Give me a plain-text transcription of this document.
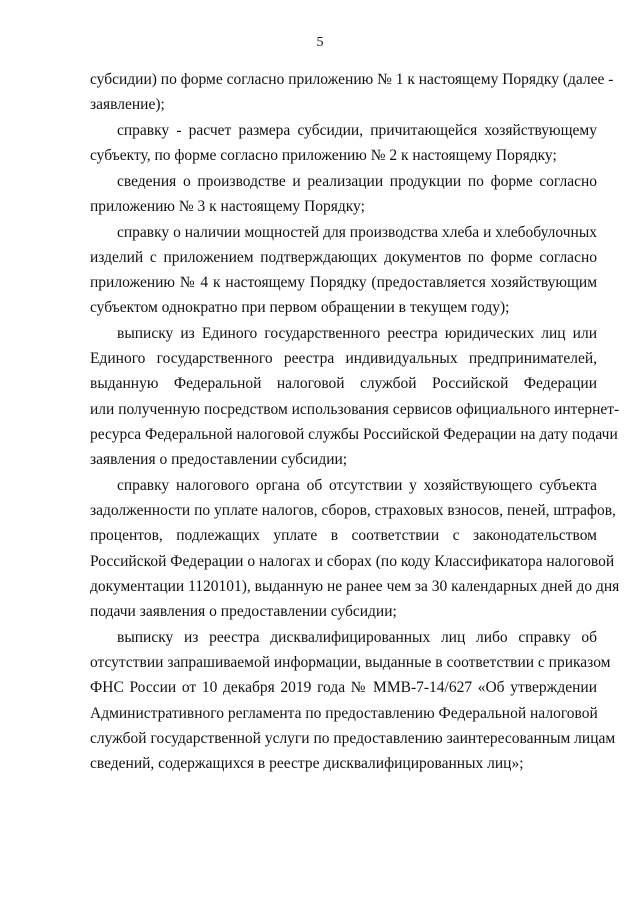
5
субсидии) по форме согласно приложению № 1 к настоящему Порядку (далее -
заявление);
справку - расчет размера субсидии, причитающейся хозяйствующему
субъекту, по форме согласно приложению № 2 к настоящему Порядку;
сведения о производстве и реализации продукции по форме согласно
приложению № 3 к настоящему Порядку;
справку о наличии мощностей для производства хлеба и хлебобулочных
изделий с приложением подтверждающих документов по форме согласно
приложению № 4 к настоящему Порядку (предоставляется хозяйствующим
субъектом однократно при первом обращении в текущем году);
выписку из Единого государственного реестра юридических лиц или
Единого государственного реестра индивидуальных предпринимателей,
выданную Федеральной налоговой службой Российской Федерации
или полученную посредством использования сервисов официального интернет-
ресурса Федеральной налоговой службы Российской Федерации на дату подачи
заявления о предоставлении субсидии;
справку налогового органа об отсутствии у хозяйствующего субъекта
задолженности по уплате налогов, сборов, страховых взносов, пеней, штрафов,
процентов, подлежащих уплате в соответствии с законодательством
Российской Федерации о налогах и сборах (по коду Классификатора налоговой
документации 1120101), выданную не ранее чем за 30 календарных дней до дня
подачи заявления о предоставлении субсидии;
выписку из реестра дисквалифицированных лиц либо справку об
отсутствии запрашиваемой информации, выданные в соответствии с приказом
ФНС России от 10 декабря 2019 года № ММВ-7-14/627 «Об утверждении
Административного регламента по предоставлению Федеральной налоговой
службой государственной услуги по предоставлению заинтересованным лицам
сведений, содержащихся в реестре дисквалифицированных лиц»;
